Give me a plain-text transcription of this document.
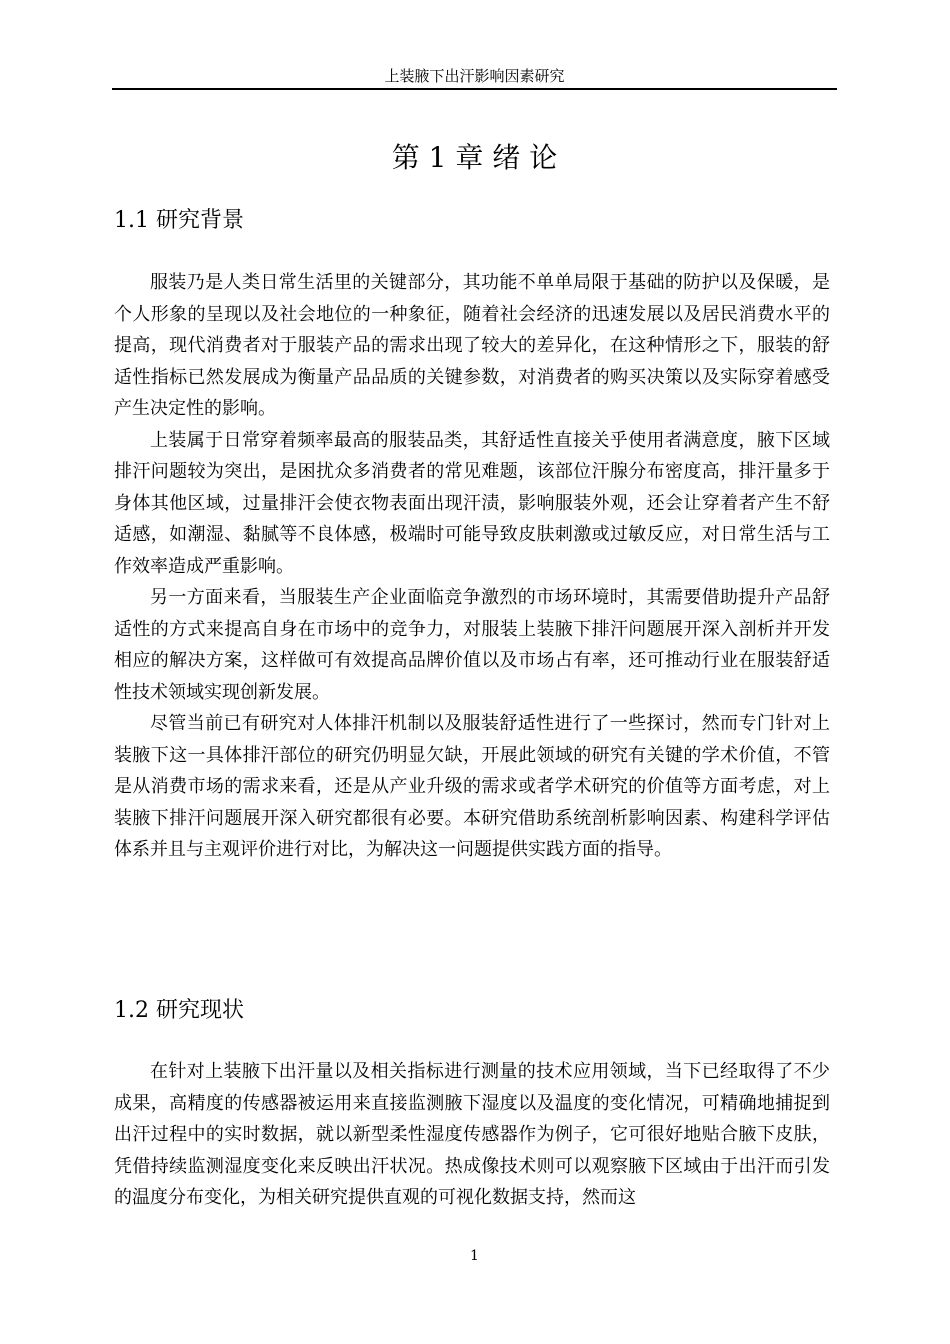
上装腋下出汗影响因素研究
第 1 章 绪 论
1.1 研究背景

服装乃是人类日常生活里的关键部分，其功能不单单局限于基础的防护以及保暖，是个人形象的呈现以及社会地位的一种象征，随着社会经济的迅速发展以及居民消费水平的提高，现代消费者对于服装产品的需求出现了较大的差异化，在这种情形之下，服装的舒适性指标已然发展成为衡量产品品质的关键参数，对消费者的购买决策以及实际穿着感受产生决定性的影响。

上装属于日常穿着频率最高的服装品类，其舒适性直接关乎使用者满意度，腋下区域排汗问题较为突出，是困扰众多消费者的常见难题，该部位汗腺分布密度高，排汗量多于身体其他区域，过量排汗会使衣物表面出现汗渍，影响服装外观，还会让穿着者产生不舒适感，如潮湿、黏腻等不良体感，极端时可能导致皮肤刺激或过敏反应，对日常生活与工作效率造成严重影响。

另一方面来看，当服装生产企业面临竞争激烈的市场环境时，其需要借助提升产品舒适性的方式来提高自身在市场中的竞争力，对服装上装腋下排汗问题展开深入剖析并开发相应的解决方案，这样做可有效提高品牌价值以及市场占有率，还可推动行业在服装舒适性技术领域实现创新发展。

尽管当前已有研究对人体排汗机制以及服装舒适性进行了一些探讨，然而专门针对上装腋下这一具体排汗部位的研究仍明显欠缺，开展此领域的研究有关键的学术价值，不管是从消费市场的需求来看，还是从产业升级的需求或者学术研究的价值等方面考虑，对上装腋下排汗问题展开深入研究都很有必要。本研究借助系统剖析影响因素、构建科学评估体系并且与主观评价进行对比，为解决这一问题提供实践方面的指导。

1.2 研究现状

在针对上装腋下出汗量以及相关指标进行测量的技术应用领域，当下已经取得了不少成果，高精度的传感器被运用来直接监测腋下湿度以及温度的变化情况，可精确地捕捉到出汗过程中的实时数据，就以新型柔性湿度传感器作为例子，它可很好地贴合腋下皮肤，凭借持续监测湿度变化来反映出汗状况。热成像技术则可以观察腋下区域由于出汗而引发的温度分布变化，为相关研究提供直观的可视化数据支持，然而这

1
